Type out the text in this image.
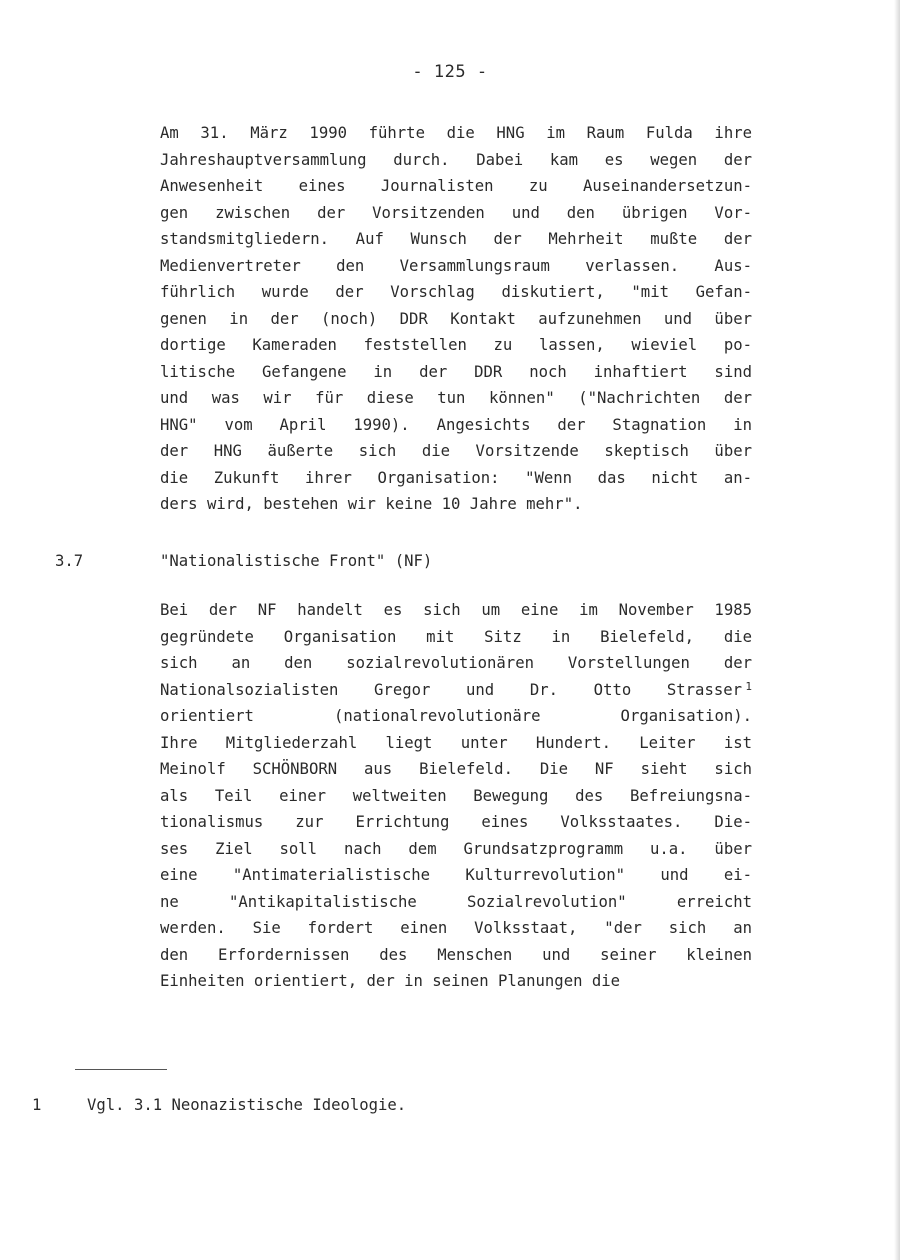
- 125 -
Am 31. März 1990 führte die HNG im Raum Fulda ihre
Jahreshauptversammlung durch. Dabei kam es wegen der
Anwesenheit eines Journalisten zu Auseinandersetzun-
gen zwischen der Vorsitzenden und den übrigen Vor-
standsmitgliedern. Auf Wunsch der Mehrheit mußte der
Medienvertreter den Versammlungsraum verlassen. Aus-
führlich wurde der Vorschlag diskutiert, "mit Gefan-
genen in der (noch) DDR Kontakt aufzunehmen und über
dortige Kameraden feststellen zu lassen, wieviel po-
litische Gefangene in der DDR noch inhaftiert sind
und was wir für diese tun können" ("Nachrichten der
HNG" vom April 1990). Angesichts der Stagnation in
der HNG äußerte sich die Vorsitzende skeptisch über
die Zukunft ihrer Organisation: "Wenn das nicht an-
ders wird, bestehen wir keine 10 Jahre mehr".
3.7	"Nationalistische Front" (NF)
Bei der NF handelt es sich um eine im November 1985
gegründete Organisation mit Sitz in Bielefeld, die
sich an den sozialrevolutionären Vorstellungen der
Nationalsozialisten Gregor und Dr. Otto Strasser 1
orientiert (nationalrevolutionäre Organisation).
Ihre Mitgliederzahl liegt unter Hundert. Leiter ist
Meinolf SCHÖNBORN aus Bielefeld. Die NF sieht sich
als Teil einer weltweiten Bewegung des Befreiungsna-
tionalismus zur Errichtung eines Volksstaates. Die-
ses Ziel soll nach dem Grundsatzprogramm u.a. über
eine "Antimaterialistische Kulturrevolution" und ei-
ne "Antikapitalistische Sozialrevolution" erreicht
werden. Sie fordert einen Volksstaat, "der sich an
den Erfordernissen des Menschen und seiner kleinen
Einheiten orientiert, der in seinen Planungen die
1	Vgl. 3.1 Neonazistische Ideologie.
